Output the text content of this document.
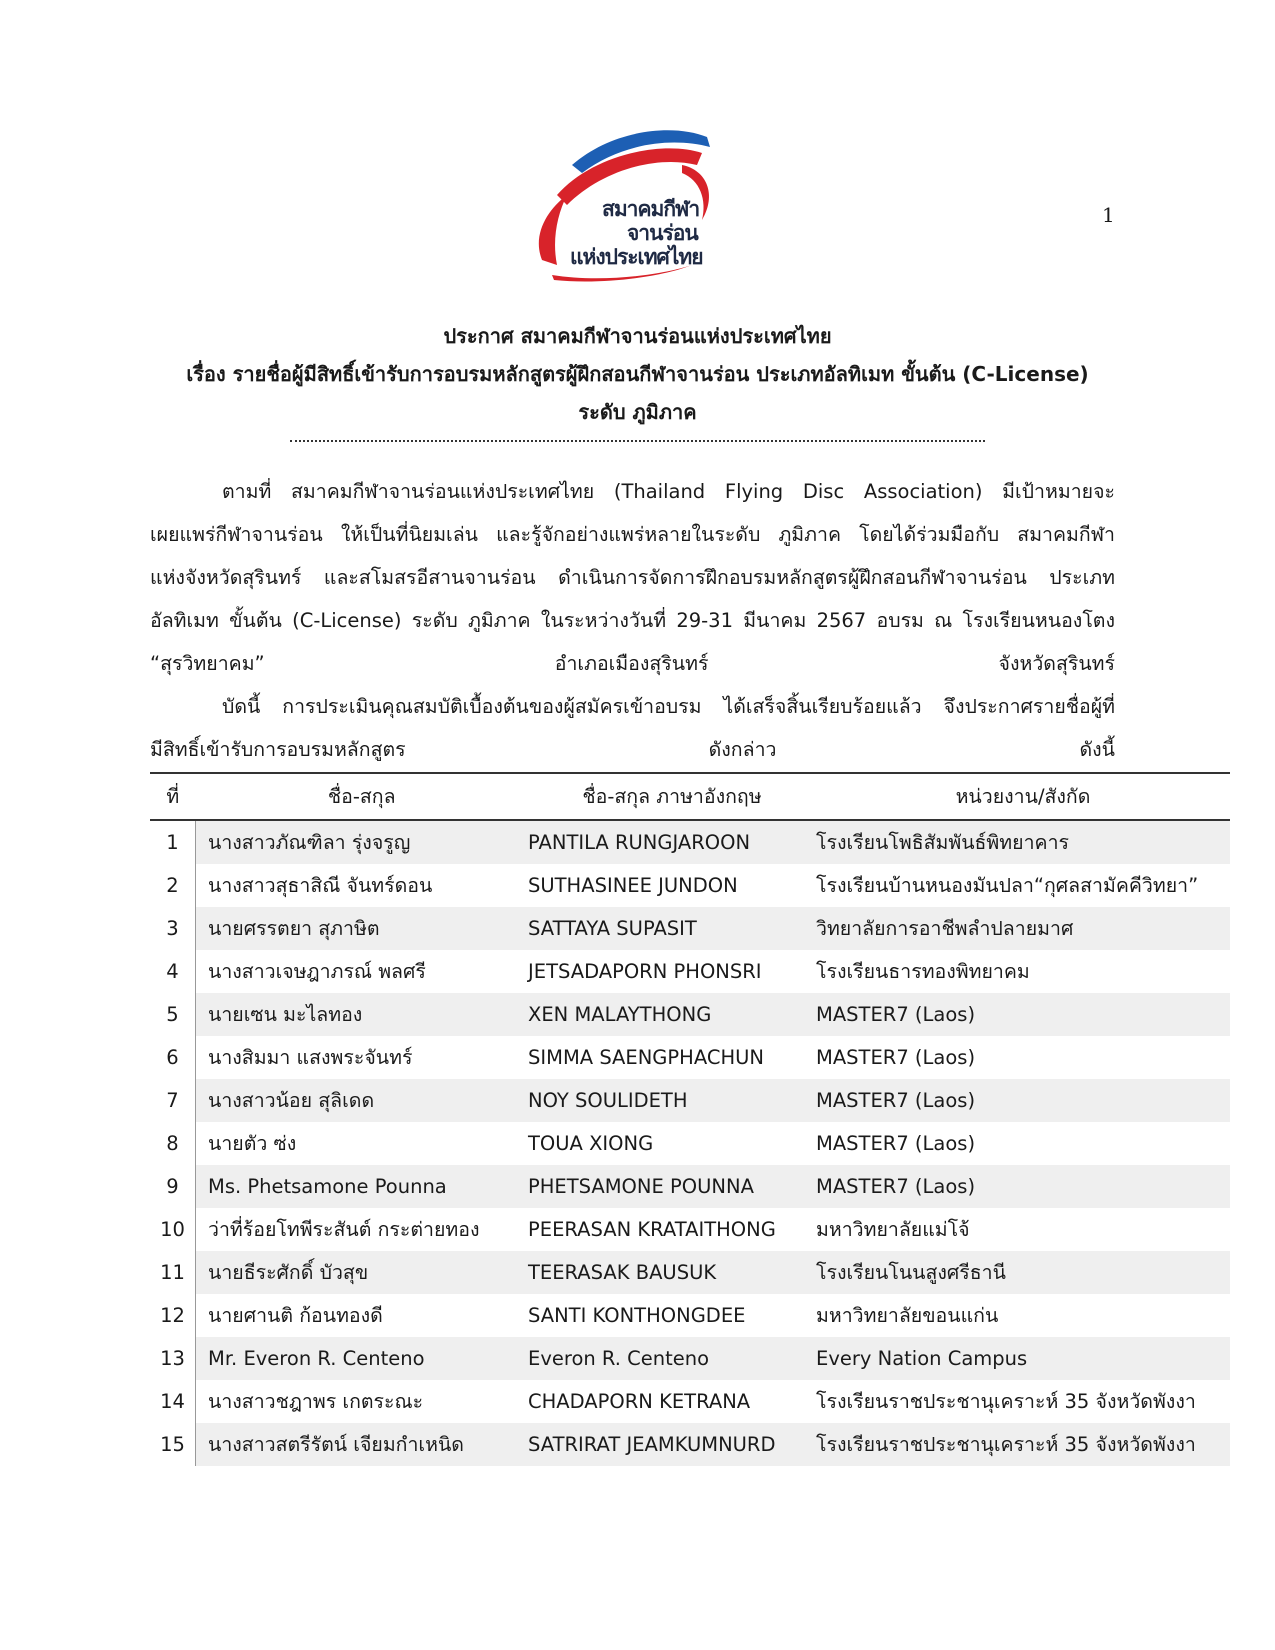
สมาคมกีฬา
จานร่อน
แห่งประเทศไทย
1
ประกาศ สมาคมกีฬาจานร่อนแห่งประเทศไทย
เรื่อง รายชื่อผู้มีสิทธิ์เข้ารับการอบรมหลักสูตรผู้ฝึกสอนกีฬาจานร่อน ประเภทอัลทิเมท ขั้นต้น (C-License)
ระดับ ภูมิภาค
ตามที่ สมาคมกีฬาจานร่อนแห่งประเทศไทย (Thailand Flying Disc Association) มีเป้าหมายจะ
เผยแพร่กีฬาจานร่อน ให้เป็นที่นิยมเล่น และรู้จักอย่างแพร่หลายในระดับ ภูมิภาค โดยได้ร่วมมือกับ สมาคมกีฬา
แห่งจังหวัดสุรินทร์ และสโมสรอีสานจานร่อน ดำเนินการจัดการฝึกอบรมหลักสูตรผู้ฝึกสอนกีฬาจานร่อน ประเภท
อัลทิเมท ขั้นต้น (C-License) ระดับ ภูมิภาค ในระหว่างวันที่ 29-31 มีนาคม 2567 อบรม ณ โรงเรียนหนองโตง
“สุรวิทยาคม” อำเภอเมืองสุรินทร์ จังหวัดสุรินทร์
บัดนี้ การประเมินคุณสมบัติเบื้องต้นของผู้สมัครเข้าอบรม ได้เสร็จสิ้นเรียบร้อยแล้ว จึงประกาศรายชื่อผู้ที่
มีสิทธิ์เข้ารับการอบรมหลักสูตร ดังกล่าว ดังนี้
ที่	ชื่อ-สกุล	ชื่อ-สกุล ภาษาอังกฤษ	หน่วยงาน/สังกัด
1	นางสาวภัณฑิลา รุ่งจรูญ	PANTILA RUNGJAROON	โรงเรียนโพธิสัมพันธ์พิทยาคาร
2	นางสาวสุธาสิณี จันทร์ดอน	SUTHASINEE JUNDON	โรงเรียนบ้านหนองมันปลา“กุศลสามัคคีวิทยา”
3	นายศรรตยา สุภาษิต	SATTAYA SUPASIT	วิทยาลัยการอาชีพลำปลายมาศ
4	นางสาวเจษฎาภรณ์ พลศรี	JETSADAPORN PHONSRI	โรงเรียนธารทองพิทยาคม
5	นายเซน มะไลทอง	XEN MALAYTHONG	MASTER7 (Laos)
6	นางสิมมา แสงพระจันทร์	SIMMA SAENGPHACHUN	MASTER7 (Laos)
7	นางสาวน้อย สุลิเดด	NOY SOULIDETH	MASTER7 (Laos)
8	นายตัว ซ่ง	TOUA XIONG	MASTER7 (Laos)
9	Ms. Phetsamone Pounna	PHETSAMONE POUNNA	MASTER7 (Laos)
10	ว่าที่ร้อยโทพีระสันต์ กระต่ายทอง	PEERASAN KRATAITHONG	มหาวิทยาลัยแม่โจ้
11	นายธีระศักดิ์ บัวสุข	TEERASAK BAUSUK	โรงเรียนโนนสูงศรีธานี
12	นายศานติ ก้อนทองดี	SANTI KONTHONGDEE	มหาวิทยาลัยขอนแก่น
13	Mr. Everon R. Centeno	Everon R. Centeno	Every Nation Campus
14	นางสาวชฎาพร เกตระณะ	CHADAPORN KETRANA	โรงเรียนราชประชานุเคราะห์ 35 จังหวัดพังงา
15	นางสาวสตรีรัตน์ เจียมกำเหนิด	SATRIRAT JEAMKUMNURD	โรงเรียนราชประชานุเคราะห์ 35 จังหวัดพังงา
